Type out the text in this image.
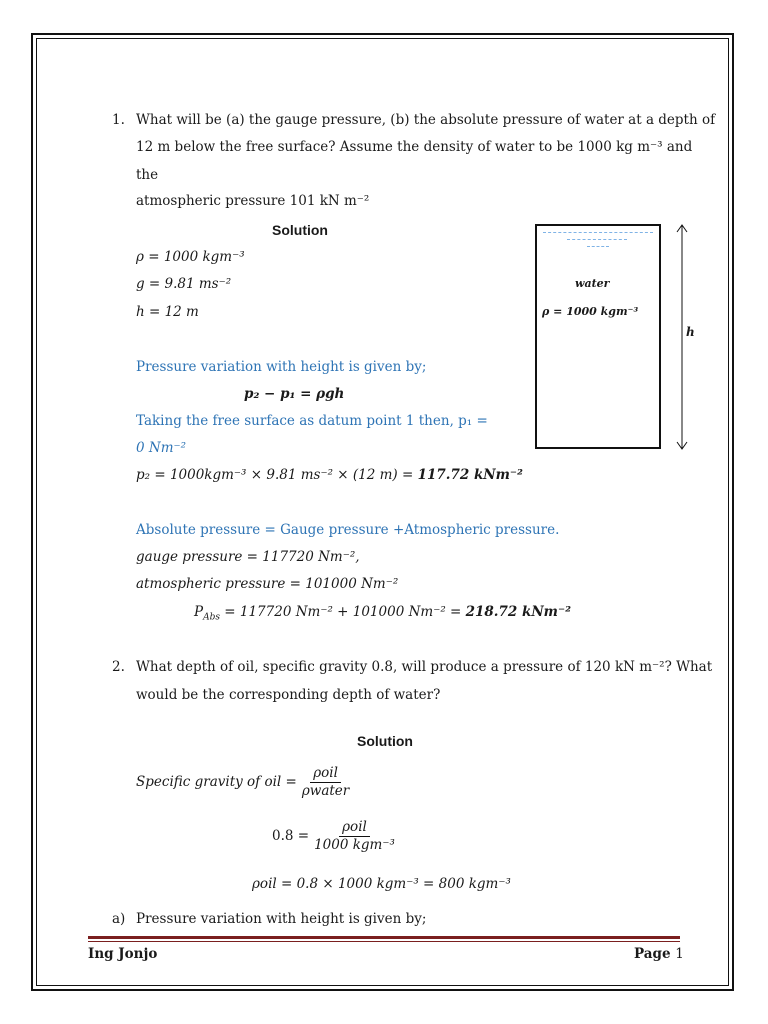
1. What will be (a) the gauge pressure, (b) the absolute pressure of water at a depth of
12 m below the free surface? Assume the density of water to be 1000 kg m⁻³ and
the
atmospheric pressure 101 kN m⁻²
Solution
ρ = 1000 kgm⁻³
g = 9.81 ms⁻²
h = 12 m
Pressure variation with height is given by;
p₂ − p₁ = ρgh
Taking the free surface as datum point 1 then, p₁ =
0 Nm⁻²
p₂ = 1000kgm⁻³ × 9.81 ms⁻² × (12 m) = 117.72 kNm⁻²
Absolute pressure = Gauge pressure +Atmospheric pressure.
gauge pressure = 117720 Nm⁻²,
atmospheric pressure = 101000 Nm⁻²
$P_{Abs} = 117720$ Nm⁻² + 101000 Nm⁻² = 218.72 kNm⁻²
water
ρ = 1000 kgm⁻³
h
2. What depth of oil, specific gravity 0.8, will produce a pressure of 120 kN m⁻²? What
would be the corresponding depth of water?
Solution
Specific gravity of oil = $\frac{\text{ρoil}}{\text{ρwater}}$
$0.8 = \frac{\text{ρoil}}{\text{1000 kgm⁻³}}$
ρoil = 0.8 × 1000 kgm⁻³ = 800 kgm⁻³
a) Pressure variation with height is given by;
Ing Jonjo	Page 1
